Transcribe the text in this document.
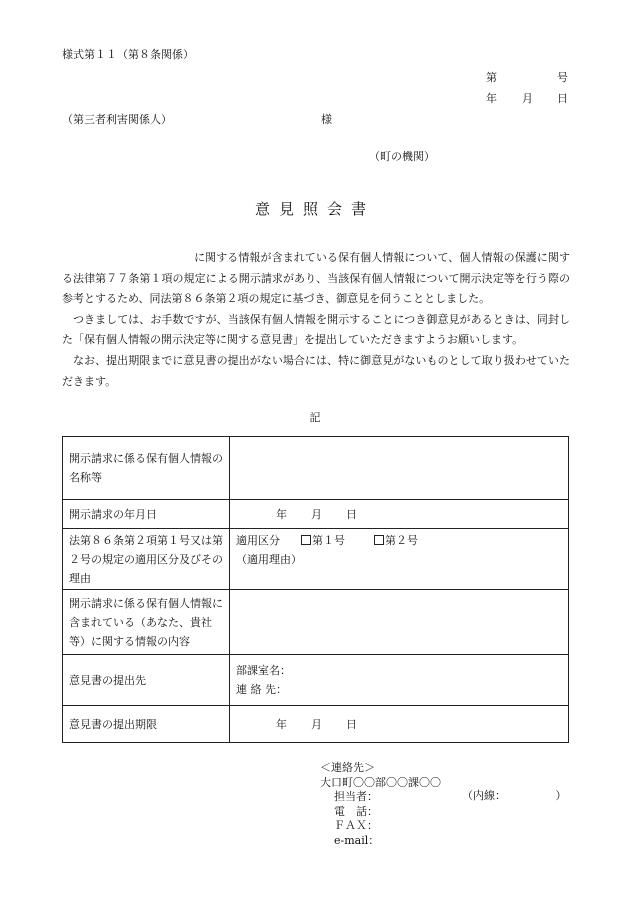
様式第１１（第８条関係）
第	号
年 月 日
（第三者利害関係人）	様
（町の機関）
意見照会書

に関する情報が含まれている保有個人情報について、個人情報の保護に関する法律第７７条第１項の規定による開示請求があり、当該保有個人情報について開示決定等を行う際の参考とするため、同法第８６条第２項の規定に基づき、御意見を伺うこととしました。

つきましては、お手数ですが、当該保有個人情報を開示することにつき御意見があるときは、同封した「保有個人情報の開示決定等に関する意見書」を提出していただきますようお願いします。

なお、提出期限までに意見書の提出がない場合には、特に御意見がないものとして取り扱わせていただきます。

記
開示請求に係る保有個人情報の名称等	
開示請求の年月日	年 月 日
法第８６条第２項第１号又は第２号の規定の適用区分及びその理由	適用区分 第１号 第２号
（適用理由）

開示請求に係る保有個人情報に含まれている（あなた、貴社等）に関する情報の内容	
意見書の提出先	部課室名：
連 絡 先：

意見書の提出期限	年 月 日
＜連絡先＞
大口町〇〇部〇〇課〇〇
担当者：
電　話：
ＦＡＸ：
e-mail：
（内線：　　　　　）
